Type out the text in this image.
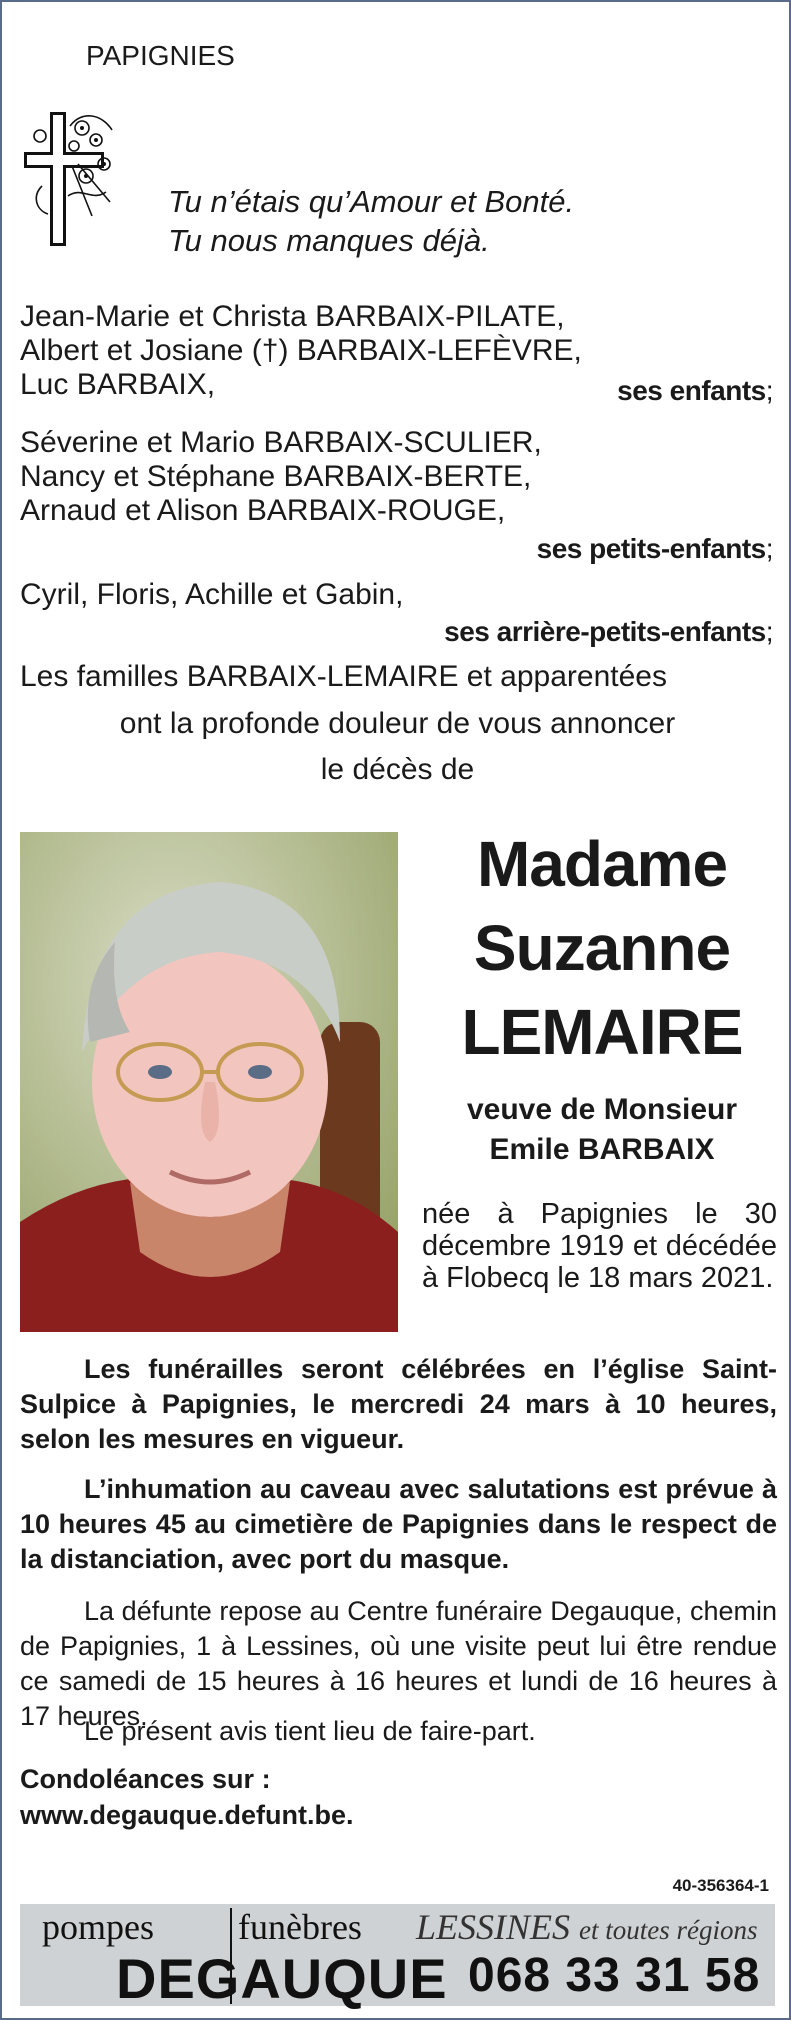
PAPIGNIES
Tu n’étais qu’Amour et Bonté.
Tu nous manques déjà.
Jean-Marie et Christa BARBAIX-PILATE,
Albert et Josiane (†) BARBAIX-LEFÈVRE,
Luc BARBAIX,	ses enfants;
Séverine et Mario BARBAIX-SCULIER,
Nancy et Stéphane BARBAIX-BERTE,
Arnaud et Alison BARBAIX-ROUGE,
ses petits-enfants;
Cyril, Floris, Achille et Gabin,
ses arrière-petits-enfants;
Les familles BARBAIX-LEMAIRE et apparentées
ont la profonde douleur de vous annoncer
le décès de
Madame
Suzanne
LEMAIRE
veuve de Monsieur
Emile BARBAIX
née à Papignies le 30 décembre 1919 et décédée à Flobecq le 18 mars 2021.
Les funérailles seront célébrées en l’église Saint-Sulpice à Papignies, le mercredi 24 mars à 10 heures, selon les mesures en vigueur.
L’inhumation au caveau avec salutations est prévue à 10 heures 45 au cimetière de Papignies dans le respect de la distanciation, avec port du masque.
La défunte repose au Centre funéraire Degauque, chemin de Papignies, 1 à Lessines, où une visite peut lui être rendue ce samedi de 15 heures à 16 heures et lundi de 16 heures à 17 heures.
Le présent avis tient lieu de faire-part.
Condoléances sur :
www.degauque.defunt.be.
40-356364-1
pompes funèbres
DEGAUQUE
LESSINES et toutes régions
068 33 31 58
